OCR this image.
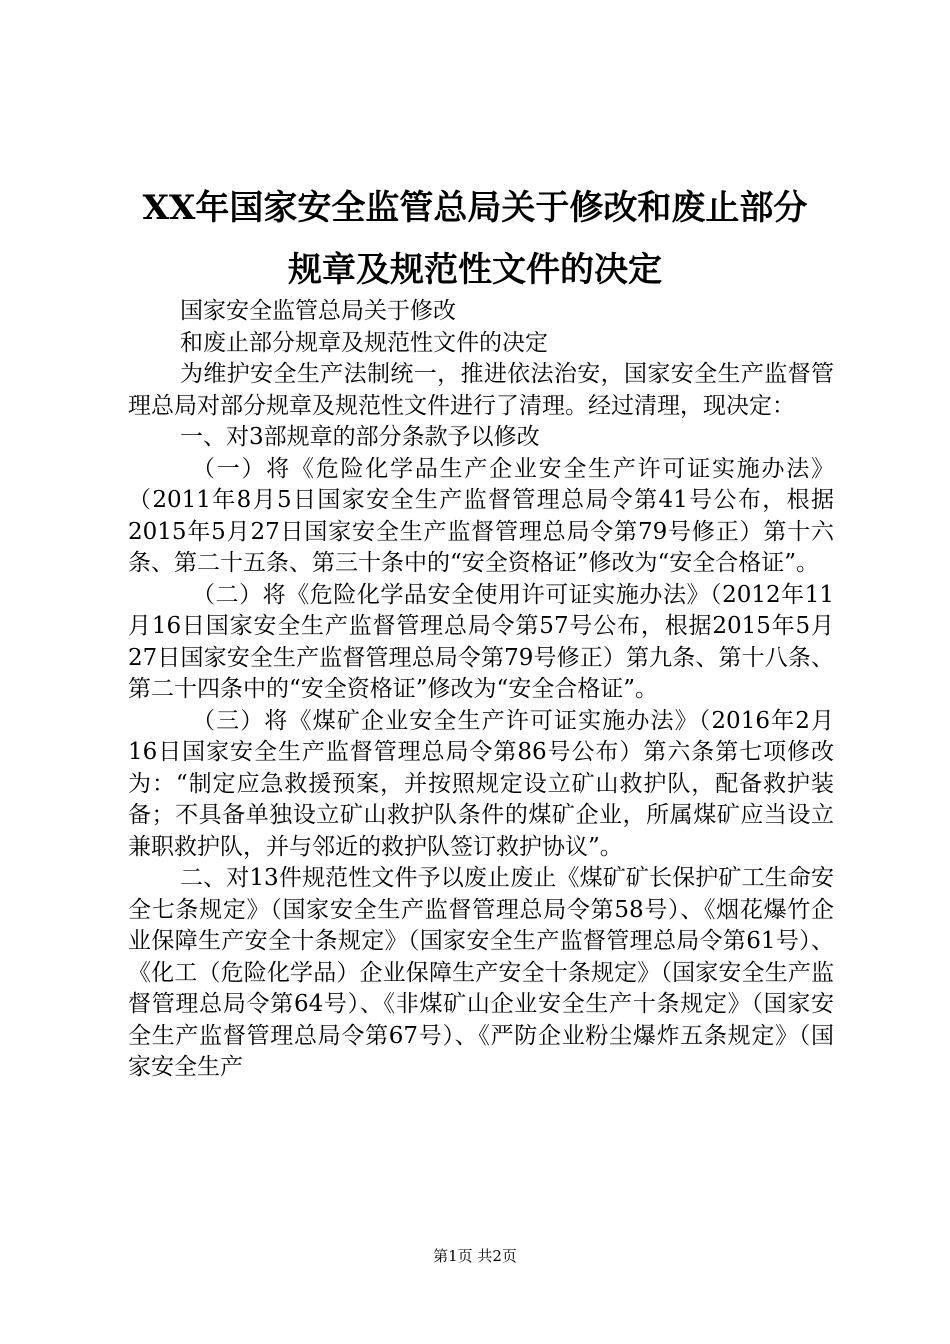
XX年国家安全监管总局关于修改和废止部分
规章及规范性文件的决定

国家安全监管总局关于修改

和废止部分规章及规范性文件的决定

为维护安全生产法制统一，推进依法治安，国家安全生产监督管理总局对部分规章及规范性文件进行了清理。经过清理，现决定：

一、对3部规章的部分条款予以修改

（一）将《危险化学品生产企业安全生产许可证实施办法》（2011年8月5日国家安全生产监督管理总局令第41号公布，根据2015年5月27日国家安全生产监督管理总局令第79号修正）第十六条、第二十五条、第三十条中的“安全资格证”修改为“安全合格证”。

（二）将《危险化学品安全使用许可证实施办法》（2012年11月16日国家安全生产监督管理总局令第57号公布，根据2015年5月27日国家安全生产监督管理总局令第79号修正）第九条、第十八条、第二十四条中的“安全资格证”修改为“安全合格证”。

（三）将《煤矿企业安全生产许可证实施办法》（2016年2月16日国家安全生产监督管理总局令第86号公布）第六条第七项修改为：“制定应急救援预案，并按照规定设立矿山救护队，配备救护装备；不具备单独设立矿山救护队条件的煤矿企业，所属煤矿应当设立兼职救护队，并与邻近的救护队签订救护协议”。

二、对13件规范性文件予以废止废止《煤矿矿长保护矿工生命安全七条规定》（国家安全生产监督管理总局令第58号）、《烟花爆竹企业保障生产安全十条规定》（国家安全生产监督管理总局令第61号）、《化工（危险化学品）企业保障生产安全十条规定》（国家安全生产监督管理总局令第64号）、《非煤矿山企业安全生产十条规定》（国家安全生产监督管理总局令第67号）、《严防企业粉尘爆炸五条规定》（国家安全生产

第1页 共2页
